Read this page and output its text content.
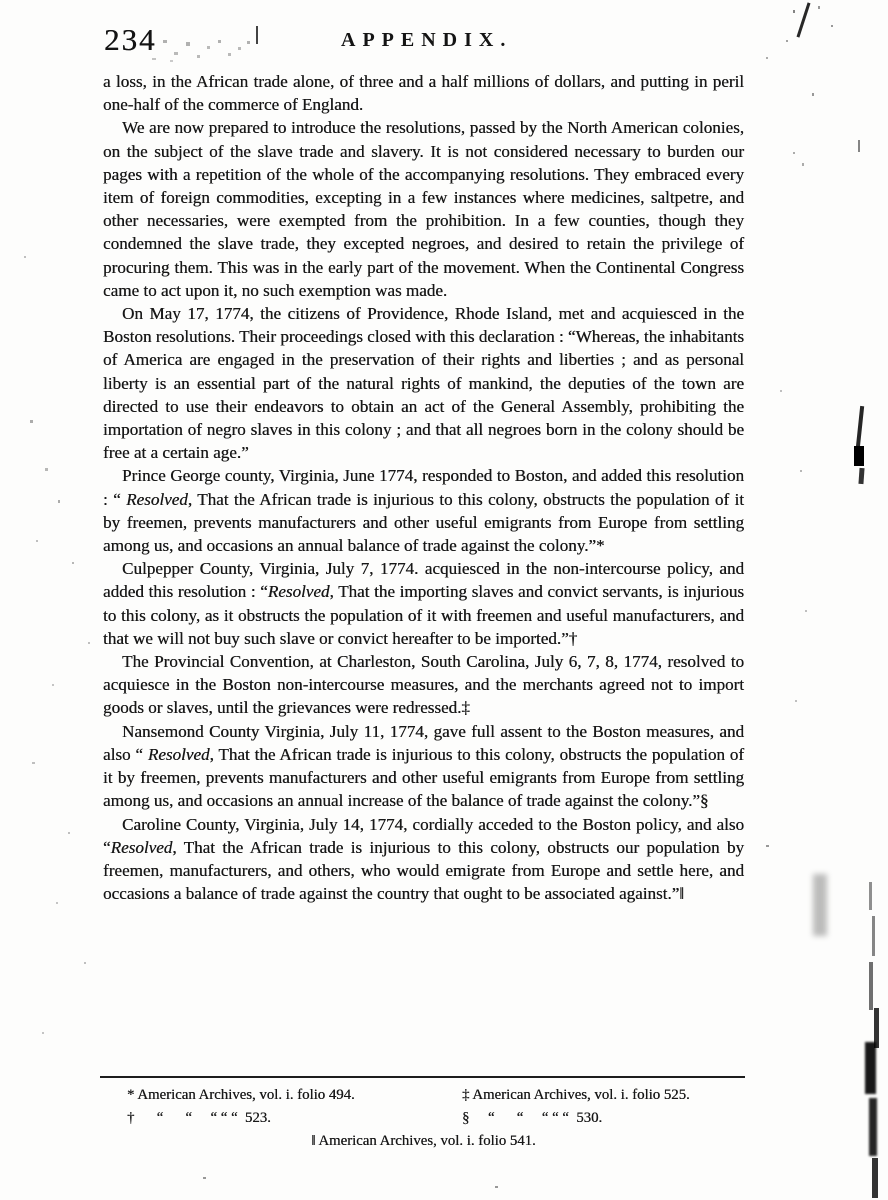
234	APPENDIX.

a loss, in the African trade alone, of three and a half millions of dollars, and putting in peril one-half of the commerce of England.

We are now prepared to introduce the resolutions, passed by the North American colonies, on the subject of the slave trade and slavery. It is not considered necessary to burden our pages with a repetition of the whole of the accompanying resolutions. They embraced every item of foreign commodities, excepting in a few instances where medicines, saltpetre, and other necessaries, were exempted from the prohibition. In a few counties, though they condemned the slave trade, they excepted negroes, and desired to retain the privilege of procuring them. This was in the early part of the movement. When the Continental Congress came to act upon it, no such exemption was made.

On May 17, 1774, the citizens of Providence, Rhode Island, met and acquiesced in the Boston resolutions. Their proceedings closed with this declaration : “Whereas, the inhabitants of America are engaged in the preservation of their rights and liberties ; and as personal liberty is an essential part of the natural rights of mankind, the deputies of the town are directed to use their endeavors to obtain an act of the General Assembly, prohibiting the importation of negro slaves in this colony ; and that all negroes born in the colony should be free at a certain age.”

Prince George county, Virginia, June 1774, responded to Boston, and added this resolution : “ Resolved, That the African trade is injurious to this colony, obstructs the population of it by freemen, prevents manufacturers and other useful emigrants from Europe from settling among us, and occasions an annual balance of trade against the colony.”*

Culpepper County, Virginia, July 7, 1774. acquiesced in the non-intercourse policy, and added this resolution : “Resolved, That the importing slaves and convict servants, is injurious to this colony, as it obstructs the population of it with freemen and useful manufacturers, and that we will not buy such slave or convict hereafter to be imported.”†

The Provincial Convention, at Charleston, South Carolina, July 6, 7, 8, 1774, resolved to acquiesce in the Boston non-intercourse measures, and the merchants agreed not to import goods or slaves, until the grievances were redressed.‡

Nansemond County Virginia, July 11, 1774, gave full assent to the Boston measures, and also “ Resolved, That the African trade is injurious to this colony, obstructs the population of it by freemen, prevents manufacturers and other useful emigrants from Europe from settling among us, and occasions an annual increase of the balance of trade against the colony.”§

Caroline County, Virginia, July 14, 1774, cordially acceded to the Boston policy, and also “Resolved, That the African trade is injurious to this colony, obstructs our population by freemen, manufacturers, and others, who would emigrate from Europe and settle here, and occasions a balance of trade against the country that ought to be associated against.”‖

* American Archives, vol. i. folio 494.	‡ American Archives, vol. i. folio 525.
†      “      “     “ “ “  523.	§     “      “     “ “ “  530.
‖ American Archives, vol. i. folio 541.
